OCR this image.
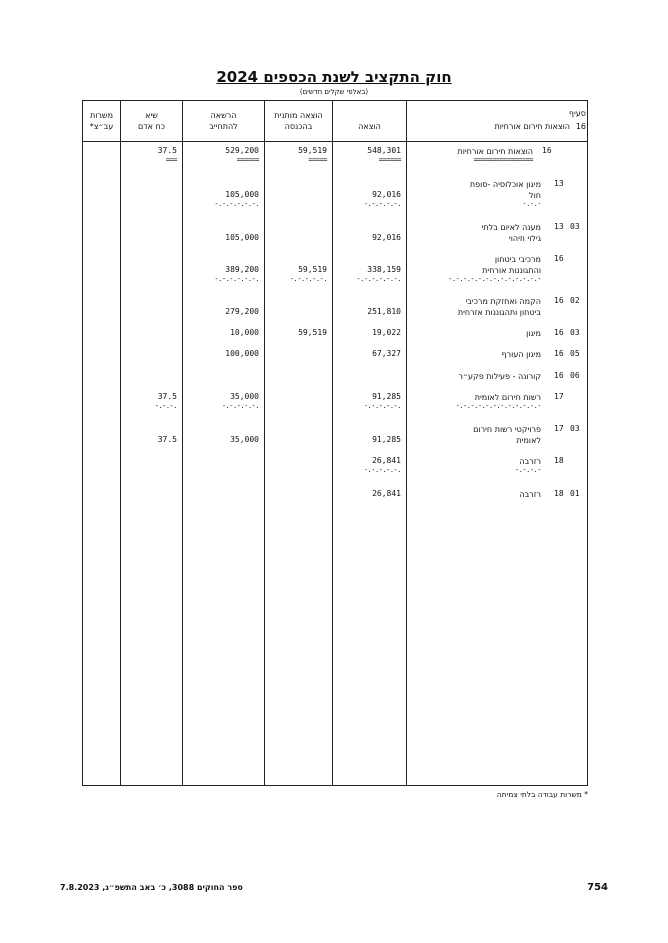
חוק התקציב לשנת הכספים 2024
(באלפי שקלים חדשים)
סעיף
16
הוצאות חירום אורחיות
הוצאה
הוצאה מותנית
בהכנסה
הרשאה
להתחייב
שיא
כח אדם
משרות
עב״צ*
16
הוצאות חירום אורחיות
================
548,301
======
59,519
=====
529,200
======
37.5
===
13
מיגון אוכלוסיה -סופת
חול
-.-.-
92,016
-.-.-.-.-.
105,000
-.-.-.-.-.-.
13 03
מענה לאיום בלתי
גילוי וזיהוי
92,016
105,000
16
מרכיבי ביטחון
והתגוננות אורחית
-.-.-.-.-.-.-.-.-.-.-.-.-
338,159
-.-.-.-.-.-.
59,519
-.-.-.-.-.
389,200
-.-.-.-.-.-.
16 02
הקמה ואחזקת מרכיבי
ביטחון ותהגוננות אזרחית
251,810
279,200
16 03
מיגון
19,022
59,519
10,000
16 05
מיגון העורף
67,327
100,000
16 06
קורונה - פעילות פקע״ר
17
רשות חירום לאומית
-.-.-.-.-.-.-.-.-.-.-.-
91,285
-.-.-.-.-.
35,000
-.-.-.-.-.
37.5
-.-.-.
17 03
פרויקטי רשות חירום
לאומית
91,285
35,000
37.5
18
רזרבה
-.-.-.-
26,841
-.-.-.-.-.
18 01
רזרבה
26,841
* משרות עבודה בלתי צמיתה
ספר החוקים 3088, כ׳ באב התשפ״ג, 7.8.2023	754
